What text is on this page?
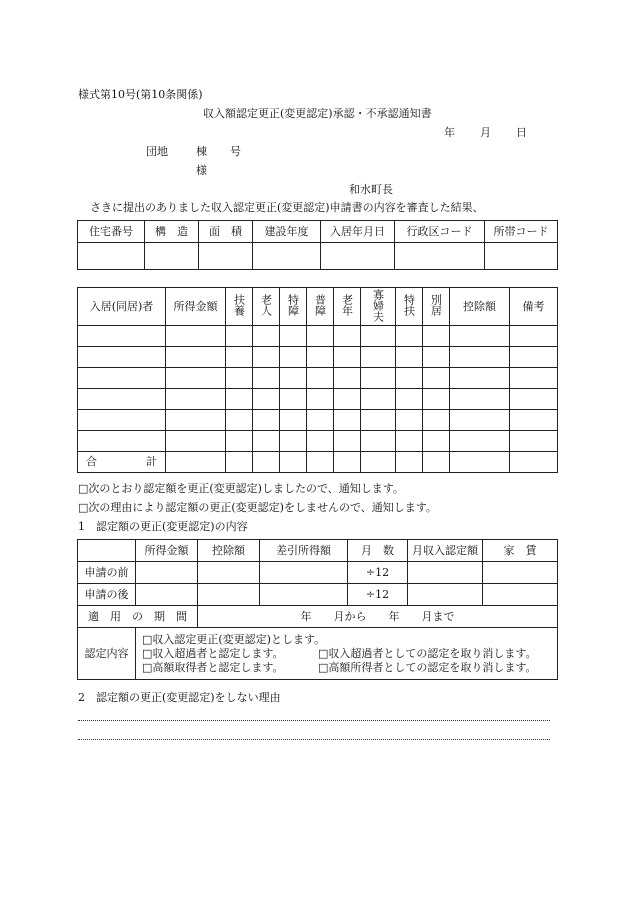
様式第10号(第10条関係)
収入額認定更正(変更認定)承認・不承認通知書
年 月 日
団地	棟 号
様
和水町長
さきに提出のありました収入認定更正(変更認定)申請書の内容を審査した結果、
住宅番号	構　造	面　積	建設年度	入居年月日	行政区コード	所帯コード

入居(同居)者	所得金額	扶養	老人	特障	普障	老年	寡婦夫	特扶	別居	控除額	備考

合 計											

□次のとおり認定額を更正(変更認定)しましたので、通知します。
□次の理由により認定額の更正(変更認定)をしませんので、通知します。
1　認定額の更正(変更認定)の内容
	所得金額	控除額	差引所得額	月　数	月収入認定額	家　賃
申請の前				÷12		
申請の後				÷12		
適　用　の　期　間		年　　月から　　年　　月まで				
認定内容	□収入認定更正(変更認定)とします。
□収入超過者と認定します。 □収入超過者としての認定を取り消します。
□高額取得者と認定します。 □高額所得者としての認定を取り消します。					
2　認定額の更正(変更認定)をしない理由
